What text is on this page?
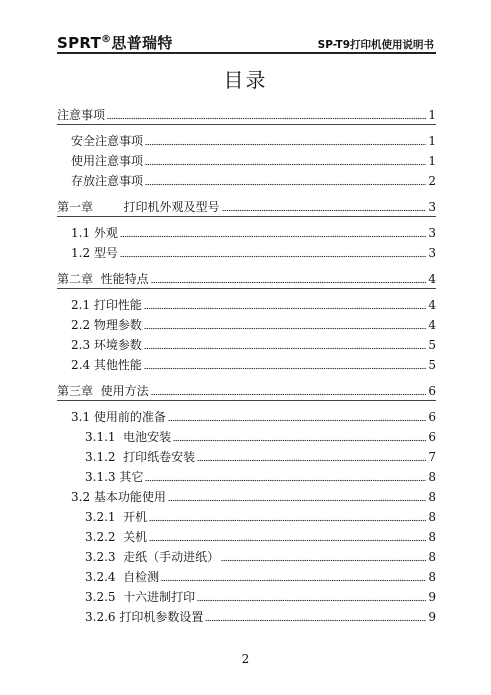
SPRT®思普瑞特	SP-T9打印机使用说明书
目录
注意事项	1
安全注意事项	1
使用注意事项	1
存放注意事项	2
第一章        打印机外观及型号	3
1.1 外观	3
1.2 型号	3
第二章  性能特点	4
2.1 打印性能	4
2.2 物理参数	4
2.3 环境参数	5
2.4 其他性能	5
第三章  使用方法	6
3.1 使用前的准备	6
3.1.1  电池安装	6
3.1.2  打印纸卷安装	7
3.1.3 其它	8
3.2 基本功能使用	8
3.2.1  开机	8
3.2.2  关机	8
3.2.3  走纸（手动进纸）	8
3.2.4  自检测	8
3.2.5  十六进制打印	9
3.2.6 打印机参数设置	9
2
